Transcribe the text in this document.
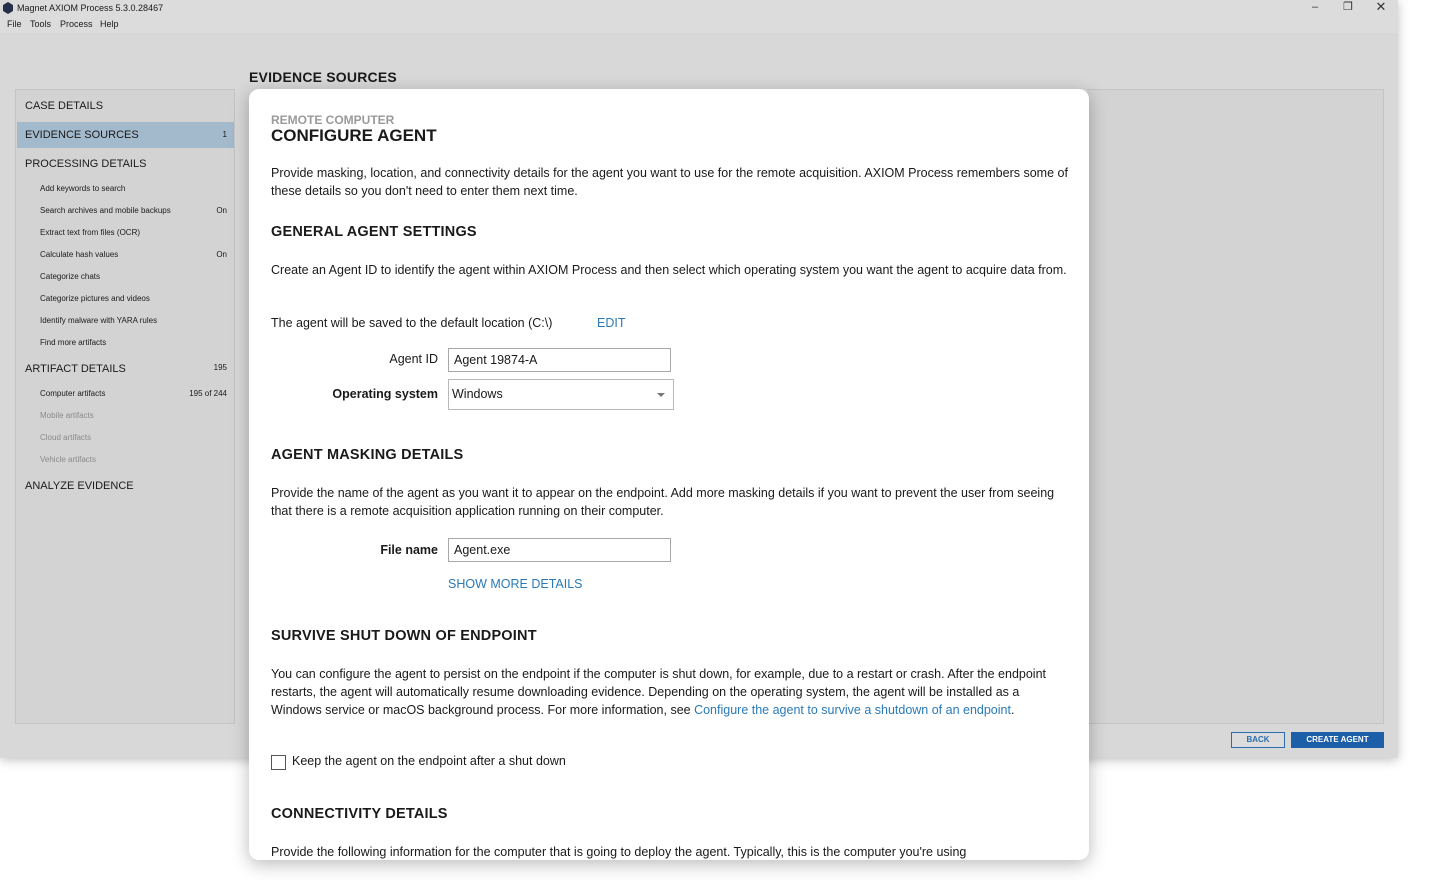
Magnet AXIOM Process 5.3.0.28467	–	❐	✕
File Tools Process Help
EVIDENCE SOURCES
CASE DETAILS
EVIDENCE SOURCES	1
PROCESSING DETAILS
Add keywords to search
Search archives and mobile backups	On
Extract text from files (OCR)
Calculate hash values	On
Categorize chats
Categorize pictures and videos
Identify malware with YARA rules
Find more artifacts
ARTIFACT DETAILS	195
Computer artifacts	195 of 244
Mobile artifacts
Cloud artifacts
Vehicle artifacts
ANALYZE EVIDENCE
BACK	CREATE AGENT
REMOTE COMPUTER
CONFIGURE AGENT
Provide masking, location, and connectivity details for the agent you want to use for the remote acquisition. AXIOM Process remembers some of these details so you don't need to enter them next time.
GENERAL AGENT SETTINGS
Create an Agent ID to identify the agent within AXIOM Process and then select which operating system you want the agent to acquire data from.
The agent will be saved to the default location (C:\)	EDIT
Agent ID	Agent 19874-A
Operating system	Windows
AGENT MASKING DETAILS
Provide the name of the agent as you want it to appear on the endpoint. Add more masking details if you want to prevent the user from seeing that there is a remote acquisition application running on their computer.
File name	Agent.exe
SHOW MORE DETAILS
SURVIVE SHUT DOWN OF ENDPOINT
You can configure the agent to persist on the endpoint if the computer is shut down, for example, due to a restart or crash. After the endpoint restarts, the agent will automatically resume downloading evidence. Depending on the operating system, the agent will be installed as a Windows service or macOS background process. For more information, see Configure the agent to survive a shutdown of an endpoint.
Keep the agent on the endpoint after a shut down
CONNECTIVITY DETAILS
Provide the following information for the computer that is going to deploy the agent. Typically, this is the computer you're using
